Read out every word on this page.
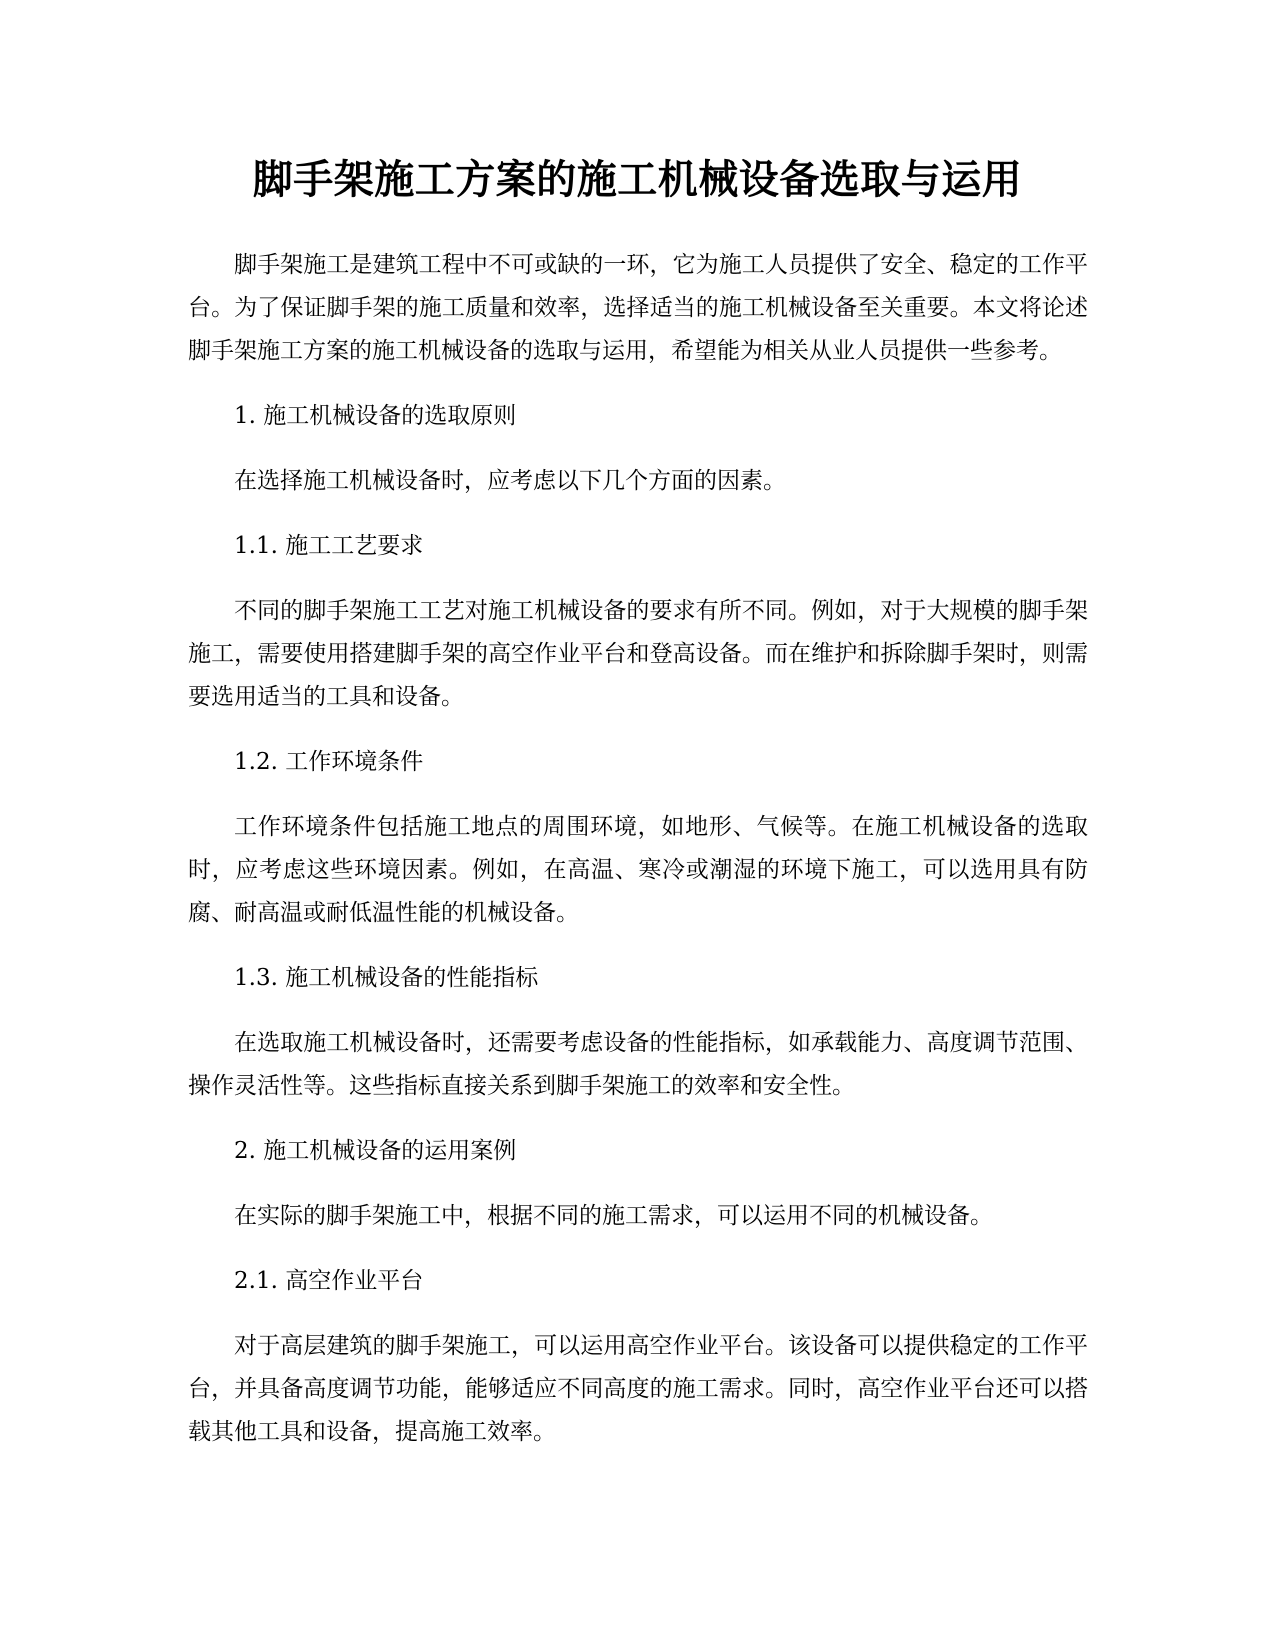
脚手架施工方案的施工机械设备选取与运用

脚手架施工是建筑工程中不可或缺的一环，它为施工人员提供了安全、稳定的工作平台。为了保证脚手架的施工质量和效率，选择适当的施工机械设备至关重要。本文将论述脚手架施工方案的施工机械设备的选取与运用，希望能为相关从业人员提供一些参考。

1. 施工机械设备的选取原则

在选择施工机械设备时，应考虑以下几个方面的因素。

1.1. 施工工艺要求

不同的脚手架施工工艺对施工机械设备的要求有所不同。例如，对于大规模的脚手架施工，需要使用搭建脚手架的高空作业平台和登高设备。而在维护和拆除脚手架时，则需要选用适当的工具和设备。

1.2. 工作环境条件

工作环境条件包括施工地点的周围环境，如地形、气候等。在施工机械设备的选取时，应考虑这些环境因素。例如，在高温、寒冷或潮湿的环境下施工，可以选用具有防腐、耐高温或耐低温性能的机械设备。

1.3. 施工机械设备的性能指标

在选取施工机械设备时，还需要考虑设备的性能指标，如承载能力、高度调节范围、操作灵活性等。这些指标直接关系到脚手架施工的效率和安全性。

2. 施工机械设备的运用案例

在实际的脚手架施工中，根据不同的施工需求，可以运用不同的机械设备。

2.1. 高空作业平台

对于高层建筑的脚手架施工，可以运用高空作业平台。该设备可以提供稳定的工作平台，并具备高度调节功能，能够适应不同高度的施工需求。同时，高空作业平台还可以搭载其他工具和设备，提高施工效率。
